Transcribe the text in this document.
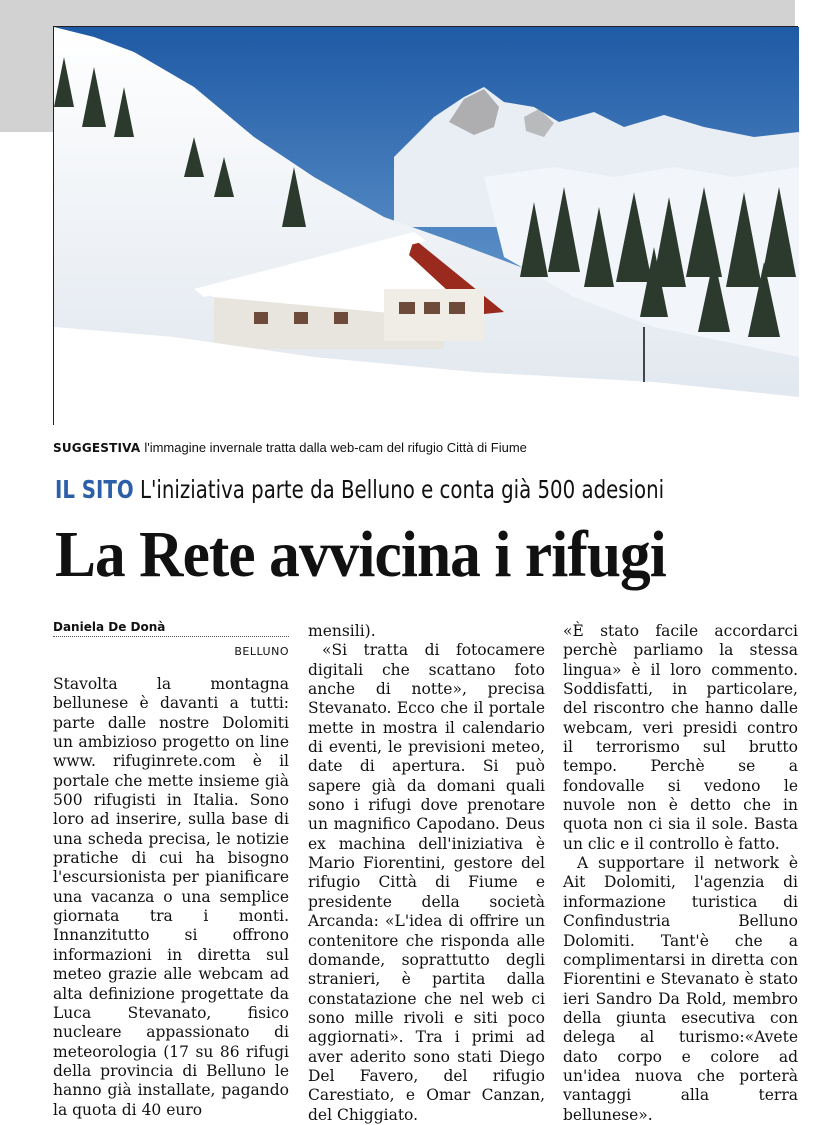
SUGGESTIVA l'immagine invernale tratta dalla web-cam del rifugio Città di Fiume
IL SITO L'iniziativa parte da Belluno e conta già 500 adesioni
La Rete avvicina i rifugi
Daniela De Donà
BELLUNO

Stavolta la montagna bellunese è davanti a tutti: parte dalle nostre Dolomiti un ambizioso progetto on line www. rifuginrete.com è il portale che mette insieme già 500 rifugisti in Italia. Sono loro ad inserire, sulla base di una scheda precisa, le notizie pratiche di cui ha bisogno l'escursionista per pianificare una vacanza o una semplice giornata tra i monti. Innanzitutto si offrono informazioni in diretta sul meteo grazie alle webcam ad alta definizione progettate da Luca Stevanato, fisico nucleare appassionato di meteorologia (17 su 86 rifugi della provincia di Belluno le hanno già installate, pagando la quota di 40 euro

mensili).

«Si tratta di fotocamere digitali che scattano foto anche di notte», precisa Stevanato. Ecco che il portale mette in mostra il calendario di eventi, le previsioni meteo, date di apertura. Si può sapere già da domani quali sono i rifugi dove prenotare un magnifico Capodano. Deus ex machina dell'iniziativa è Mario Fiorentini, gestore del rifugio Città di Fiume e presidente della società Arcanda: «L'idea di offrire un contenitore che risponda alle domande, soprattutto degli stranieri, è partita dalla constatazione che nel web ci sono mille rivoli e siti poco aggiornati». Tra i primi ad aver aderito sono stati Diego Del Favero, del rifugio Carestiato, e Omar Canzan, del Chiggiato.

«È stato facile accordarci perchè parliamo la stessa lingua» è il loro commento. Soddisfatti, in particolare, del riscontro che hanno dalle webcam, veri presidi contro il terrorismo sul brutto tempo. Perchè se a fondovalle si vedono le nuvole non è detto che in quota non ci sia il sole. Basta un clic e il controllo è fatto.

A supportare il network è Ait Dolomiti, l'agenzia di informazione turistica di Confindustria Belluno Dolomiti. Tant'è che a complimentarsi in diretta con Fiorentini e Stevanato è stato ieri Sandro Da Rold, membro della giunta esecutiva con delega al turismo:«Avete dato corpo e colore ad un'idea nuova che porterà vantaggi alla terra bellunese».
